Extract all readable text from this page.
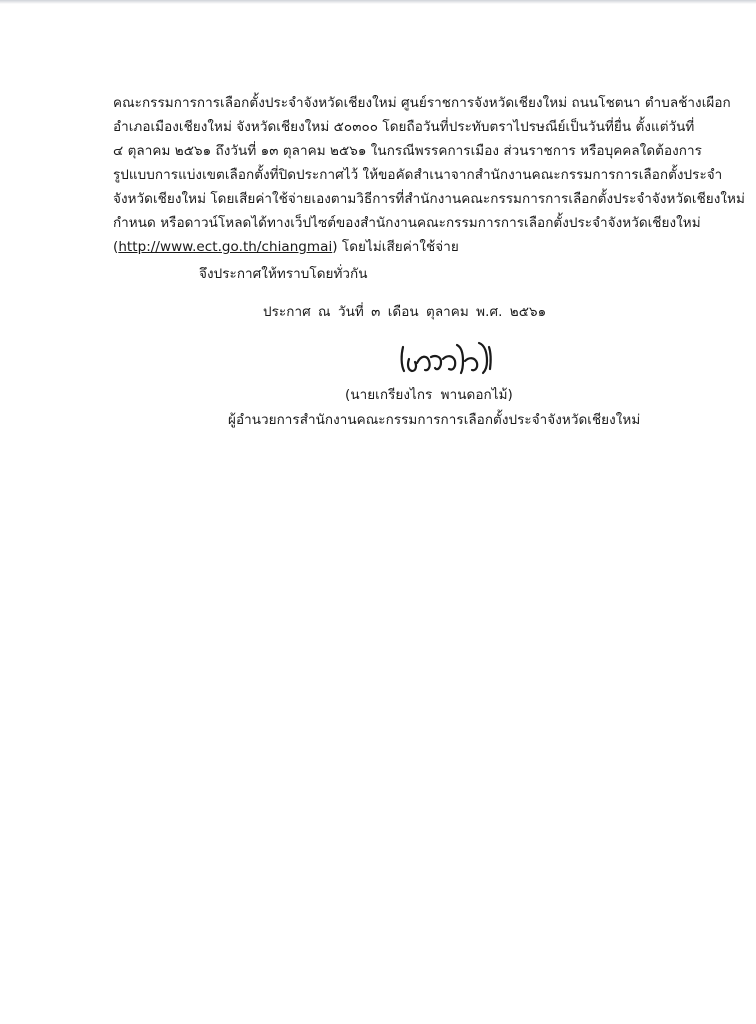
คณะกรรมการการเลือกตั้งประจำจังหวัดเชียงใหม่ ศูนย์ราชการจังหวัดเชียงใหม่ ถนนโชตนา ตำบลช้างเผือก
อำเภอเมืองเชียงใหม่ จังหวัดเชียงใหม่ ๕๐๓๐๐ โดยถือวันที่ประทับตราไปรษณีย์เป็นวันที่ยื่น ตั้งแต่วันที่
๔ ตุลาคม ๒๕๖๑ ถึงวันที่ ๑๓ ตุลาคม ๒๕๖๑ ในกรณีพรรคการเมือง ส่วนราชการ หรือบุคคลใดต้องการ
รูปแบบการแบ่งเขตเลือกตั้งที่ปิดประกาศไว้ ให้ขอคัดสำเนาจากสำนักงานคณะกรรมการการเลือกตั้งประจำ
จังหวัดเชียงใหม่ โดยเสียค่าใช้จ่ายเองตามวิธีการที่สำนักงานคณะกรรมการการเลือกตั้งประจำจังหวัดเชียงใหม่
กำหนด หรือดาวน์โหลดได้ทางเว็ปไซต์ของสำนักงานคณะกรรมการการเลือกตั้งประจำจังหวัดเชียงใหม่
(http://www.ect.go.th/chiangmai) โดยไม่เสียค่าใช้จ่าย
จึงประกาศให้ทราบโดยทั่วกัน
ประกาศ ณ วันที่ ๓ เดือน ตุลาคม พ.ศ. ๒๕๖๑
(นายเกรียงไกร พานดอกไม้)
ผู้อำนวยการสำนักงานคณะกรรมการการเลือกตั้งประจำจังหวัดเชียงใหม่
